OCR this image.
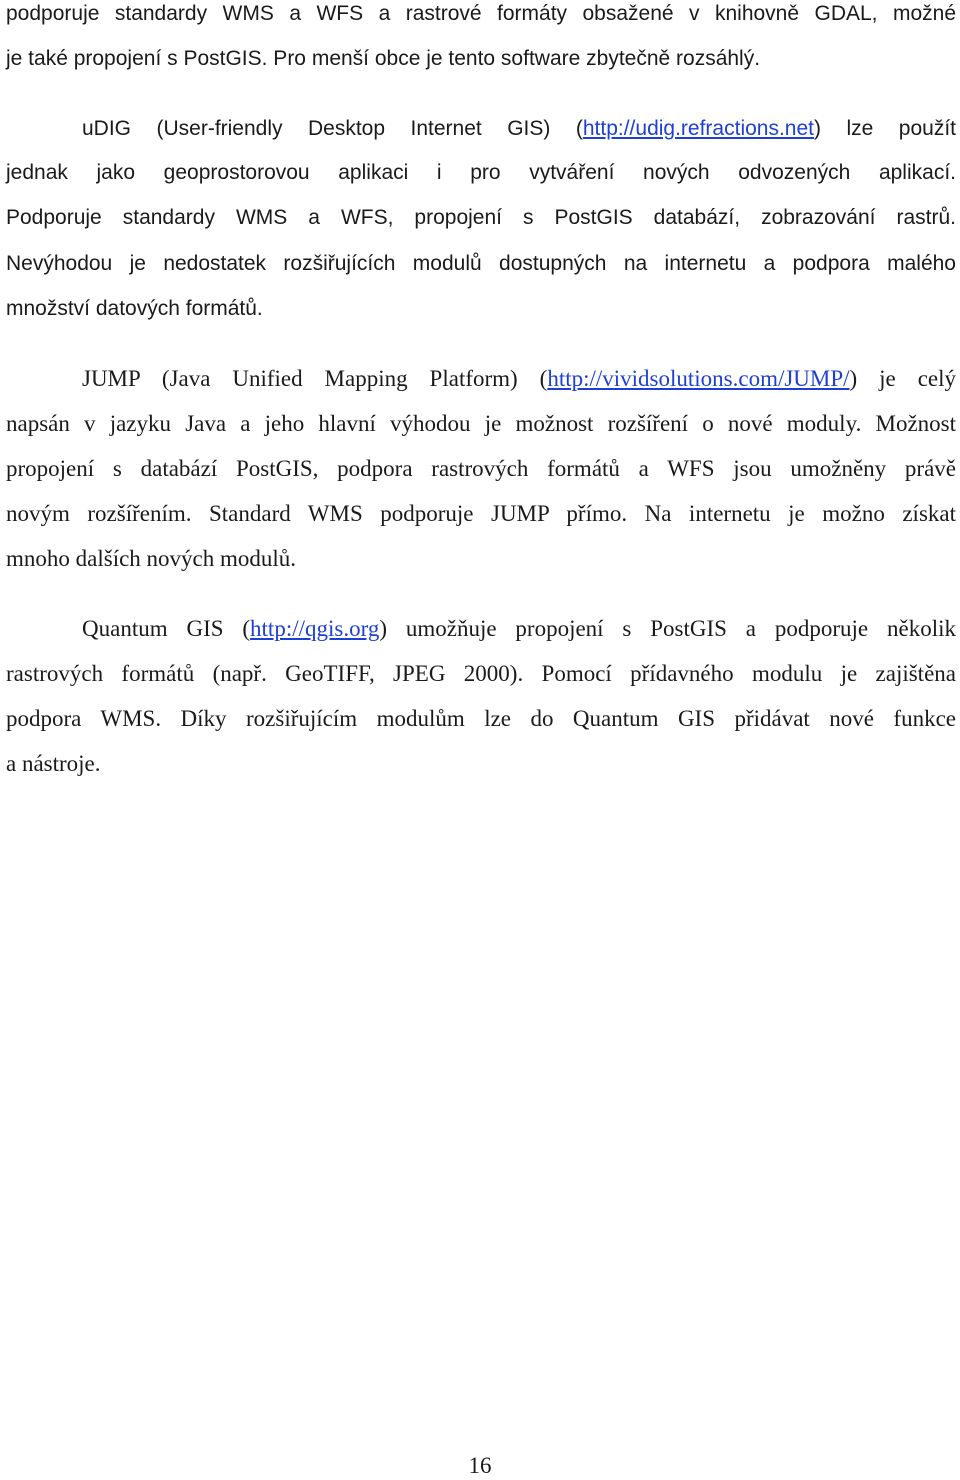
podporuje standardy WMS a WFS a rastrové formáty obsažené v knihovně GDAL, možné
je také propojení s PostGIS. Pro menší obce je tento software zbytečně rozsáhlý.
uDIG (User-friendly Desktop Internet GIS) (http://udig.refractions.net) lze použít
jednak jako geoprostorovou aplikaci i pro vytváření nových odvozených aplikací.
Podporuje standardy WMS a WFS, propojení s PostGIS databází, zobrazování rastrů.
Nevýhodou je nedostatek rozšiřujících modulů dostupných na internetu a podpora malého
množství datových formátů.
JUMP (Java Unified Mapping Platform) (http://vividsolutions.com/JUMP/) je celý
napsán v jazyku Java a jeho hlavní výhodou je možnost rozšíření o nové moduly. Možnost
propojení s databází PostGIS, podpora rastrových formátů a WFS jsou umožněny právě
novým rozšířením. Standard WMS podporuje JUMP přímo. Na internetu je možno získat
mnoho dalších nových modulů.
Quantum GIS (http://qgis.org) umožňuje propojení s PostGIS a podporuje několik
rastrových formátů (např. GeoTIFF, JPEG 2000). Pomocí přídavného modulu je zajištěna
podpora WMS. Díky rozšiřujícím modulům lze do Quantum GIS přidávat nové funkce
a nástroje.
16
